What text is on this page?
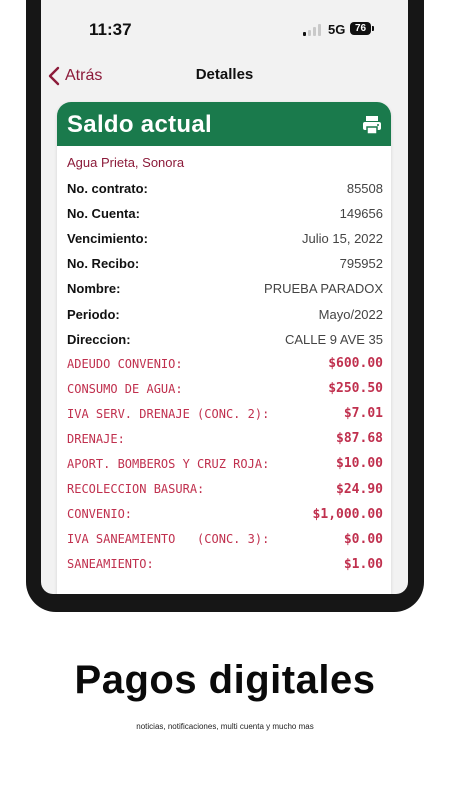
11:37	5G 76
Atrás	Detalles
Saldo actual
Agua Prieta, Sonora
No. contrato:	85508
No. Cuenta:	149656
Vencimiento:	Julio 15, 2022
No. Recibo:	795952
Nombre:	PRUEBA PARADOX
Periodo:	Mayo/2022
Direccion:	CALLE 9 AVE 35
ADEUDO CONVENIO:	$600.00
CONSUMO DE AGUA:	$250.50
IVA SERV. DRENAJE (CONC. 2):	$7.01
DRENAJE:	$87.68
APORT. BOMBEROS Y CRUZ ROJA:	$10.00
RECOLECCION BASURA:	$24.90
CONVENIO:	$1,000.00
IVA SANEAMIENTO   (CONC. 3):	$0.00
SANEAMIENTO:	$1.00
Pagos digitales
noticias, notificaciones, multi cuenta y mucho mas
